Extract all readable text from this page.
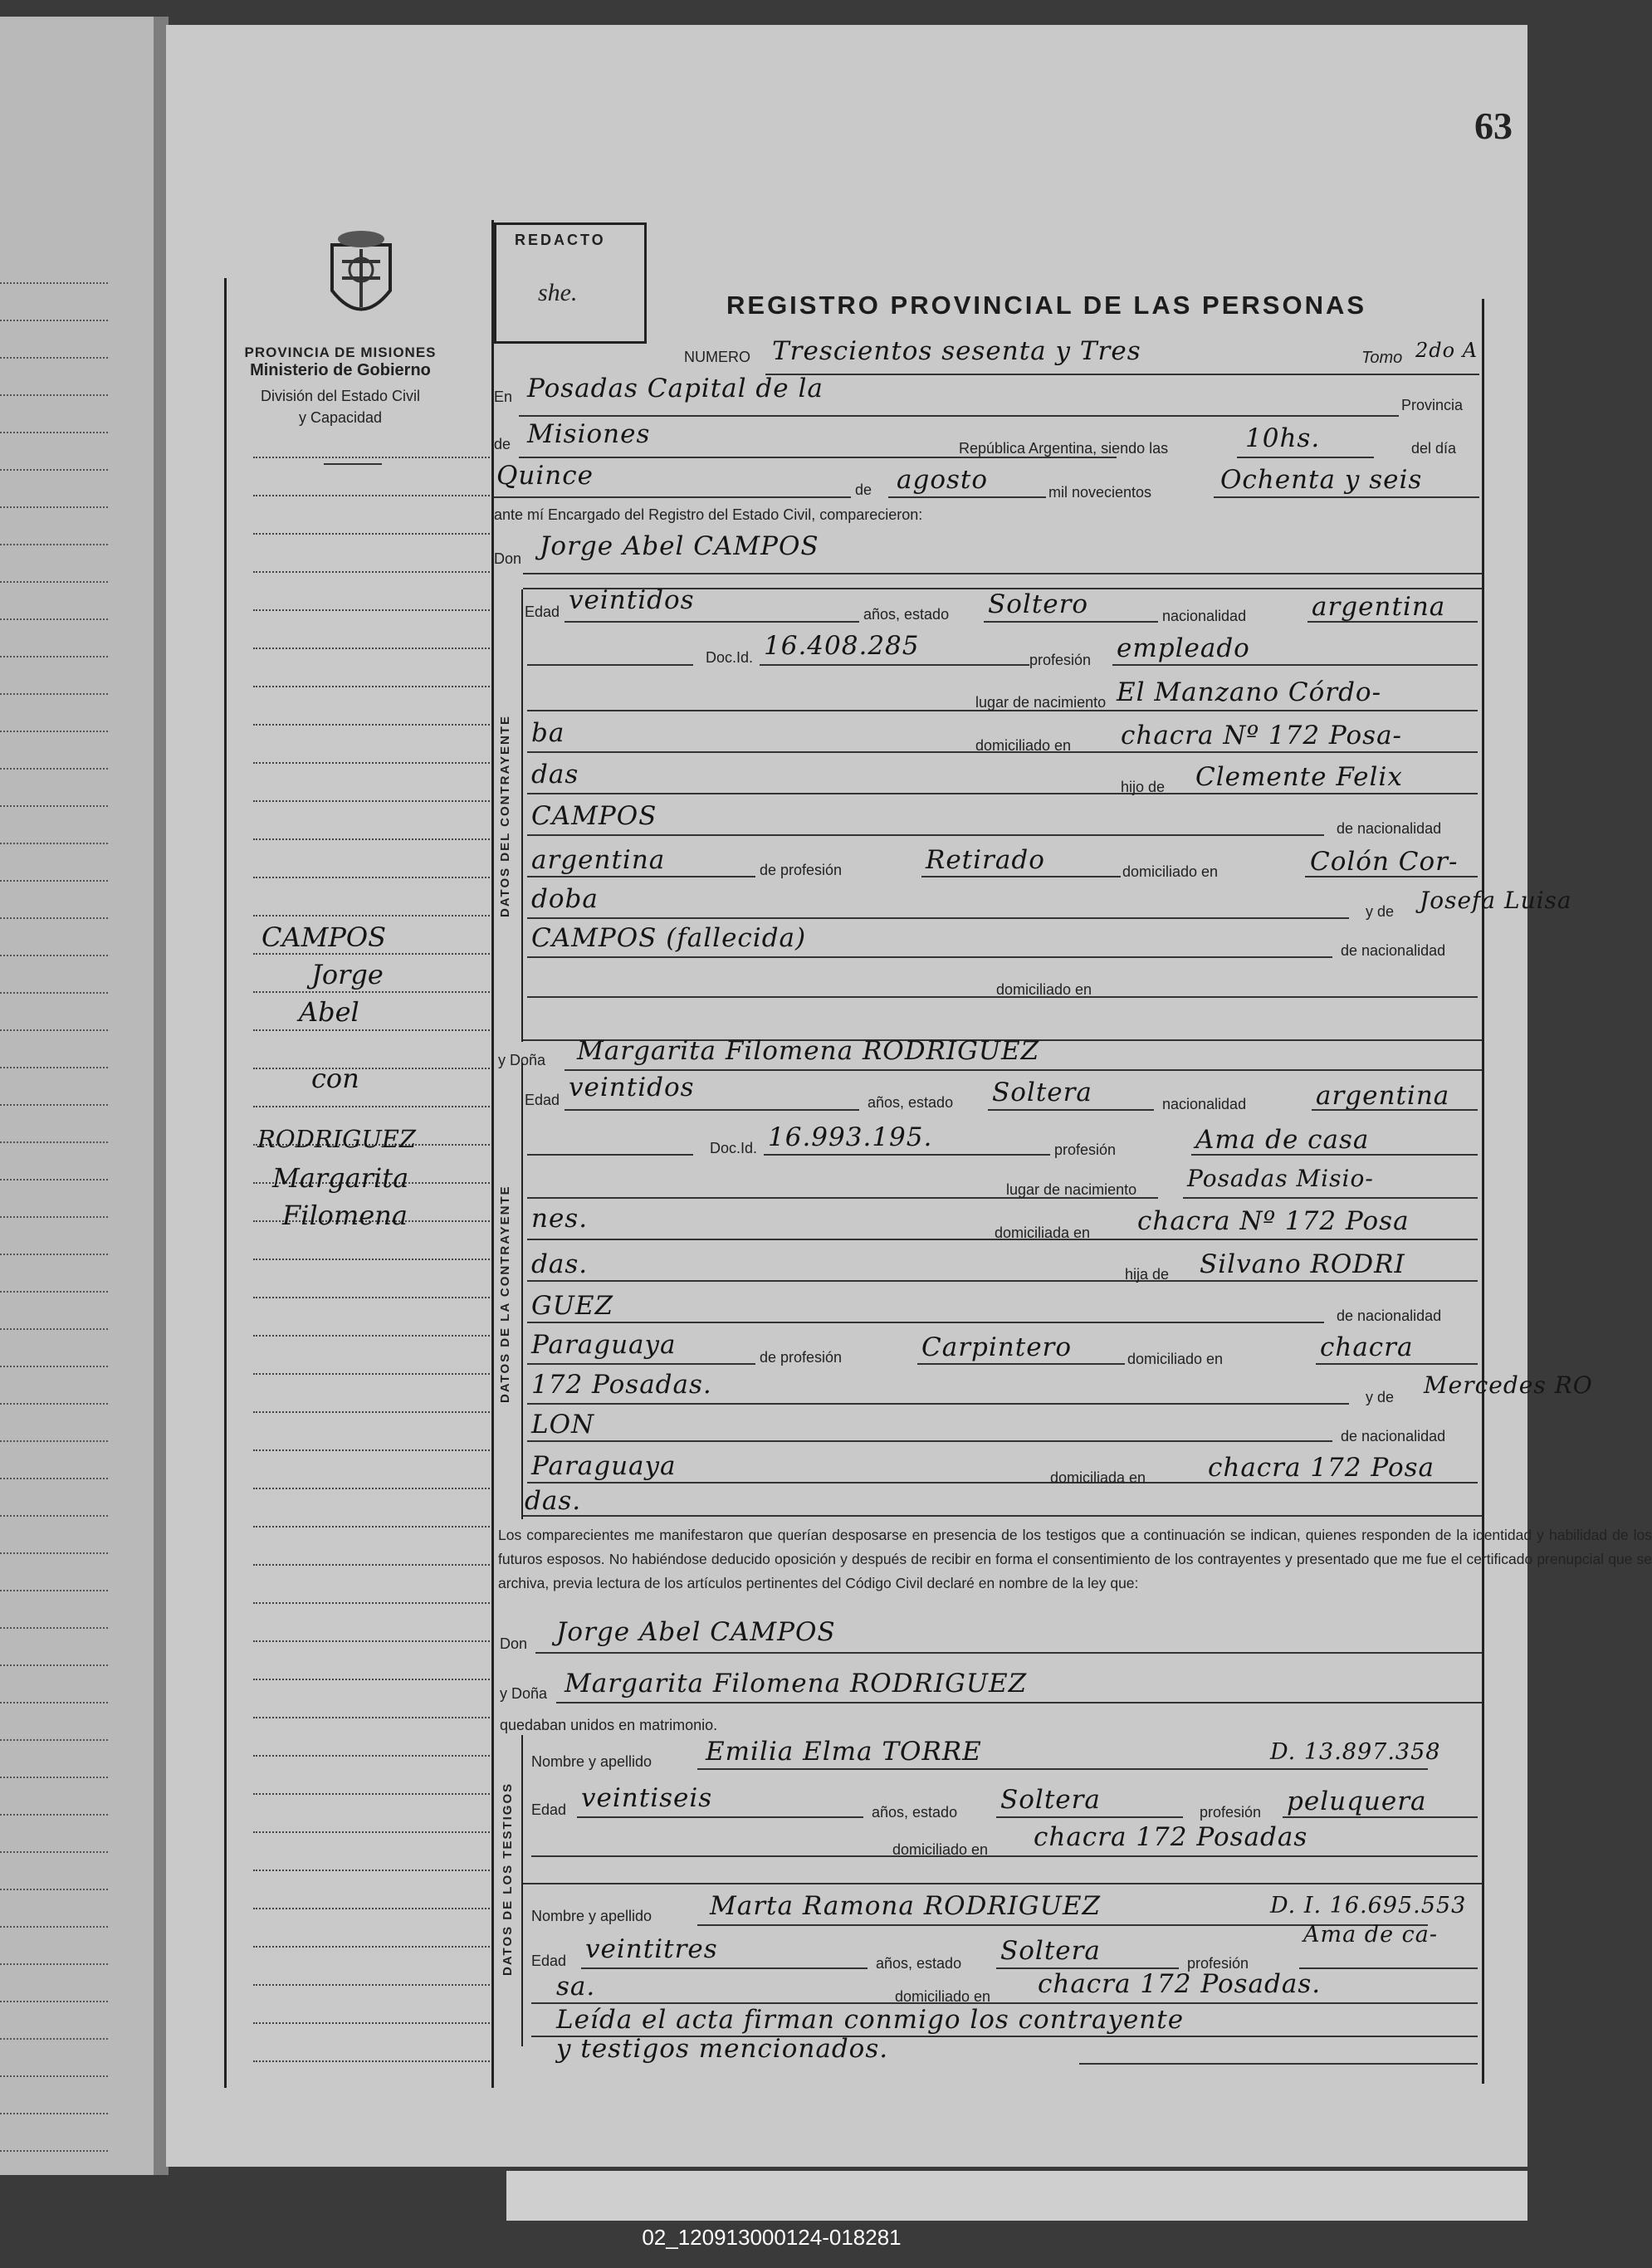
63
REDACTO
she.	REGISTRO PROVINCIAL DE LAS PERSONAS
PROVINCIA DE MISIONES
Ministerio de Gobierno
División del Estado Civil
y Capacidad
NUMERO Trescientos sesenta y Tres	Tomo 2do A
En Posadas Capital de la
Provincia
de Misiones	República Argentina, siendo las	10hs.	del día
Quince	de agosto	mil novecientos	Ochenta y seis
ante mí Encargado del Registro del Estado Civil, comparecieron:
Don Jorge Abel CAMPOS
DATOS DEL CONTRAYENTE
Edad veintidos	años, estado Soltero	nacionalidad	argentina
Doc.Id. 16.408.285	profesión empleado
lugar de nacimiento El Manzano Córdo-
ba	domiciliado en chacra Nº 172 Posa-
das	hijo de Clemente Felix
CAMPOS	de nacionalidad
argentina	de profesión	Retirado	domiciliado en	Colón Cor-
doba	y de Josefa Luisa
CAMPOS (fallecida)	de nacionalidad
domiciliado en
y Doña Margarita Filomena RODRIGUEZ
DATOS DE LA CONTRAYENTE
Edad veintidos	años, estado Soltera	nacionalidad	argentina
Doc.Id. 16.993.195.	profesión	Ama de casa
lugar de nacimiento Posadas Misio-
nes.	domiciliada en chacra Nº 172 Posa
das.	hija de Silvano RODRI
GUEZ	de nacionalidad
Paraguaya	de profesión	Carpintero	domiciliado en	chacra
172 Posadas.	y de Mercedes RO
LON	de nacionalidad
Paraguaya	domiciliada en chacra 172 Posa
das.
Los comparecientes me manifestaron que querían desposarse en presencia de los testigos que a continuación se indican, quienes responden de la identidad y habilidad de los futuros esposos. No habiéndose deducido oposición y después de recibir en forma el consentimiento de los contrayentes y presentado que me fue el certificado prenupcial que se archiva, previa lectura de los artículos pertinentes del Código Civil declaré en nombre de la ley que:
Don Jorge Abel CAMPOS
y Doña Margarita Filomena RODRIGUEZ
quedaban unidos en matrimonio.
DATOS DE LOS TESTIGOS
Nombre y apellido Emilia Elma TORRE	D. 13.897.358
Edad veintiseis	años, estado Soltera	profesión peluquera
domiciliado en chacra 172 Posadas
Nombre y apellido Marta Ramona RODRIGUEZ	D. I. 16.695.553
Edad veintitres	años, estado Soltera	profesión
Ama de ca-
sa.	domiciliado en chacra 172 Posadas.
Leída el acta firman conmigo los contrayente
y testigos mencionados.
CAMPOS
Jorge
Abel
con
RODRIGUEZ
Margarita
Filomena
02_120913000124-018281
